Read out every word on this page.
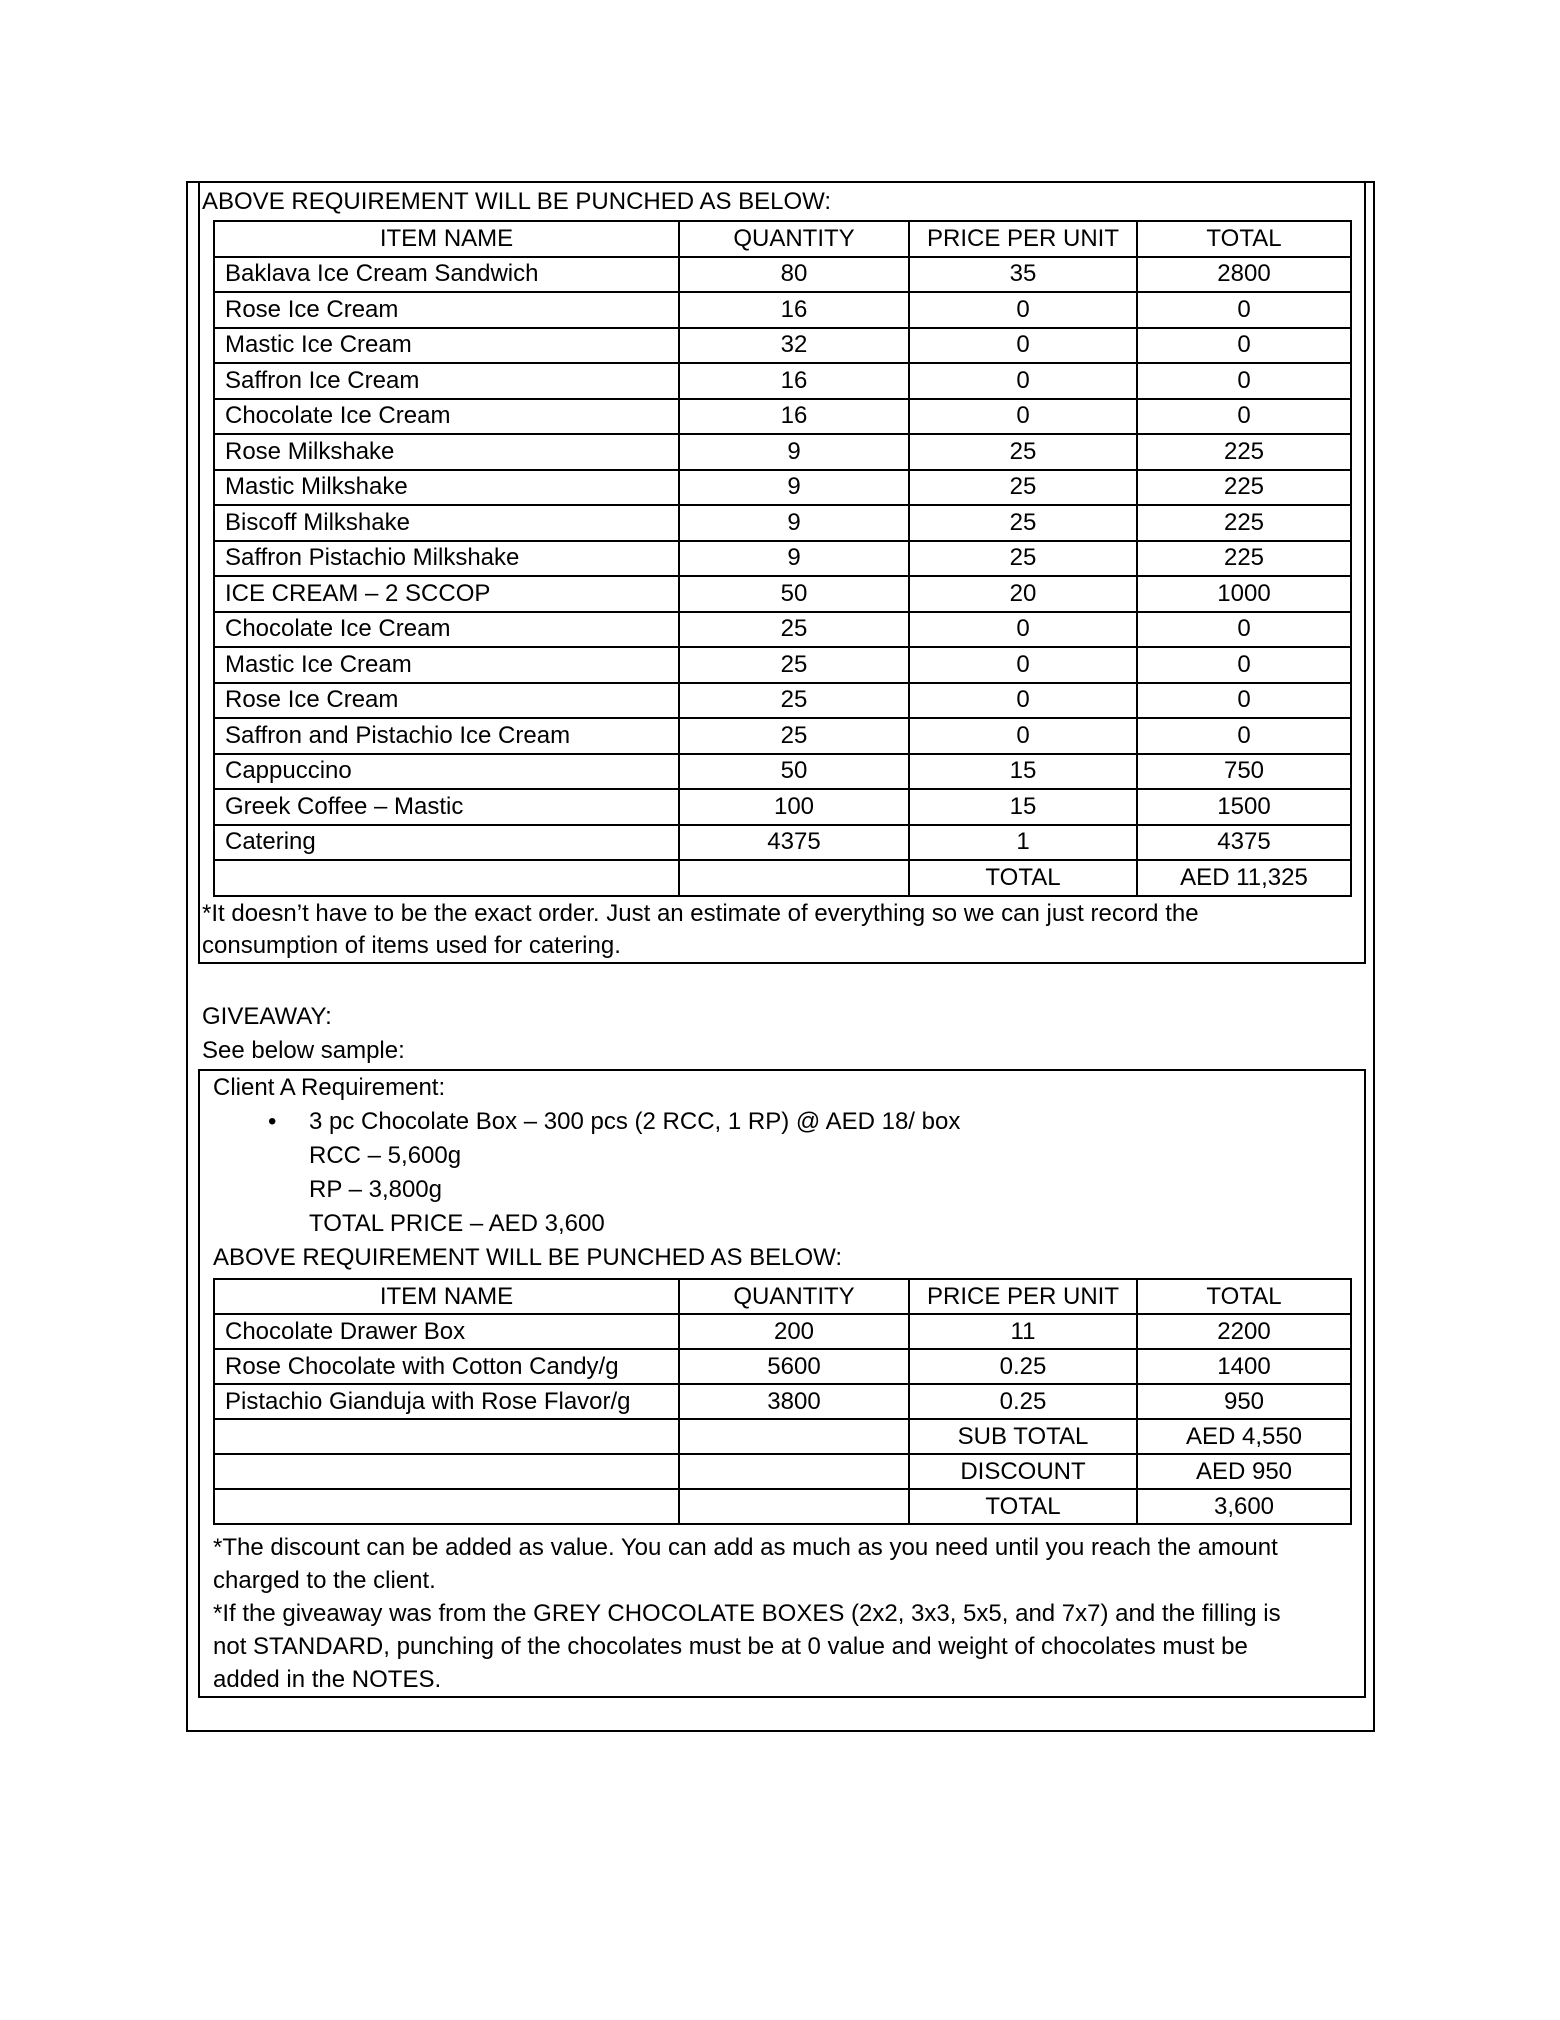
ABOVE REQUIREMENT WILL BE PUNCHED AS BELOW:
ITEM NAME	QUANTITY	PRICE PER UNIT	TOTAL
Baklava Ice Cream Sandwich	80	35	2800
Rose Ice Cream	16	0	0
Mastic Ice Cream	32	0	0
Saffron Ice Cream	16	0	0
Chocolate Ice Cream	16	0	0
Rose Milkshake	9	25	225
Mastic Milkshake	9	25	225
Biscoff Milkshake	9	25	225
Saffron Pistachio Milkshake	9	25	225
ICE CREAM – 2 SCCOP	50	20	1000
Chocolate Ice Cream	25	0	0
Mastic Ice Cream	25	0	0
Rose Ice Cream	25	0	0
Saffron and Pistachio Ice Cream	25	0	0
Cappuccino	50	15	750
Greek Coffee – Mastic	100	15	1500
Catering	4375	1	4375
		TOTAL	AED 11,325
*It doesn’t have to be the exact order. Just an estimate of everything so we can just record the
consumption of items used for catering.
GIVEAWAY:
See below sample:
Client A Requirement:
• 3 pc Chocolate Box – 300 pcs (2 RCC, 1 RP) @ AED 18/ box
RCC – 5,600g
RP – 3,800g
TOTAL PRICE – AED 3,600
ABOVE REQUIREMENT WILL BE PUNCHED AS BELOW:
ITEM NAME	QUANTITY	PRICE PER UNIT	TOTAL
Chocolate Drawer Box	200	11	2200
Rose Chocolate with Cotton Candy/g	5600	0.25	1400
Pistachio Gianduja with Rose Flavor/g	3800	0.25	950
		SUB TOTAL	AED 4,550
		DISCOUNT	AED 950
		TOTAL	3,600
*The discount can be added as value. You can add as much as you need until you reach the amount
charged to the client.
*If the giveaway was from the GREY CHOCOLATE BOXES (2x2, 3x3, 5x5, and 7x7) and the filling is
not STANDARD, punching of the chocolates must be at 0 value and weight of chocolates must be
added in the NOTES.
